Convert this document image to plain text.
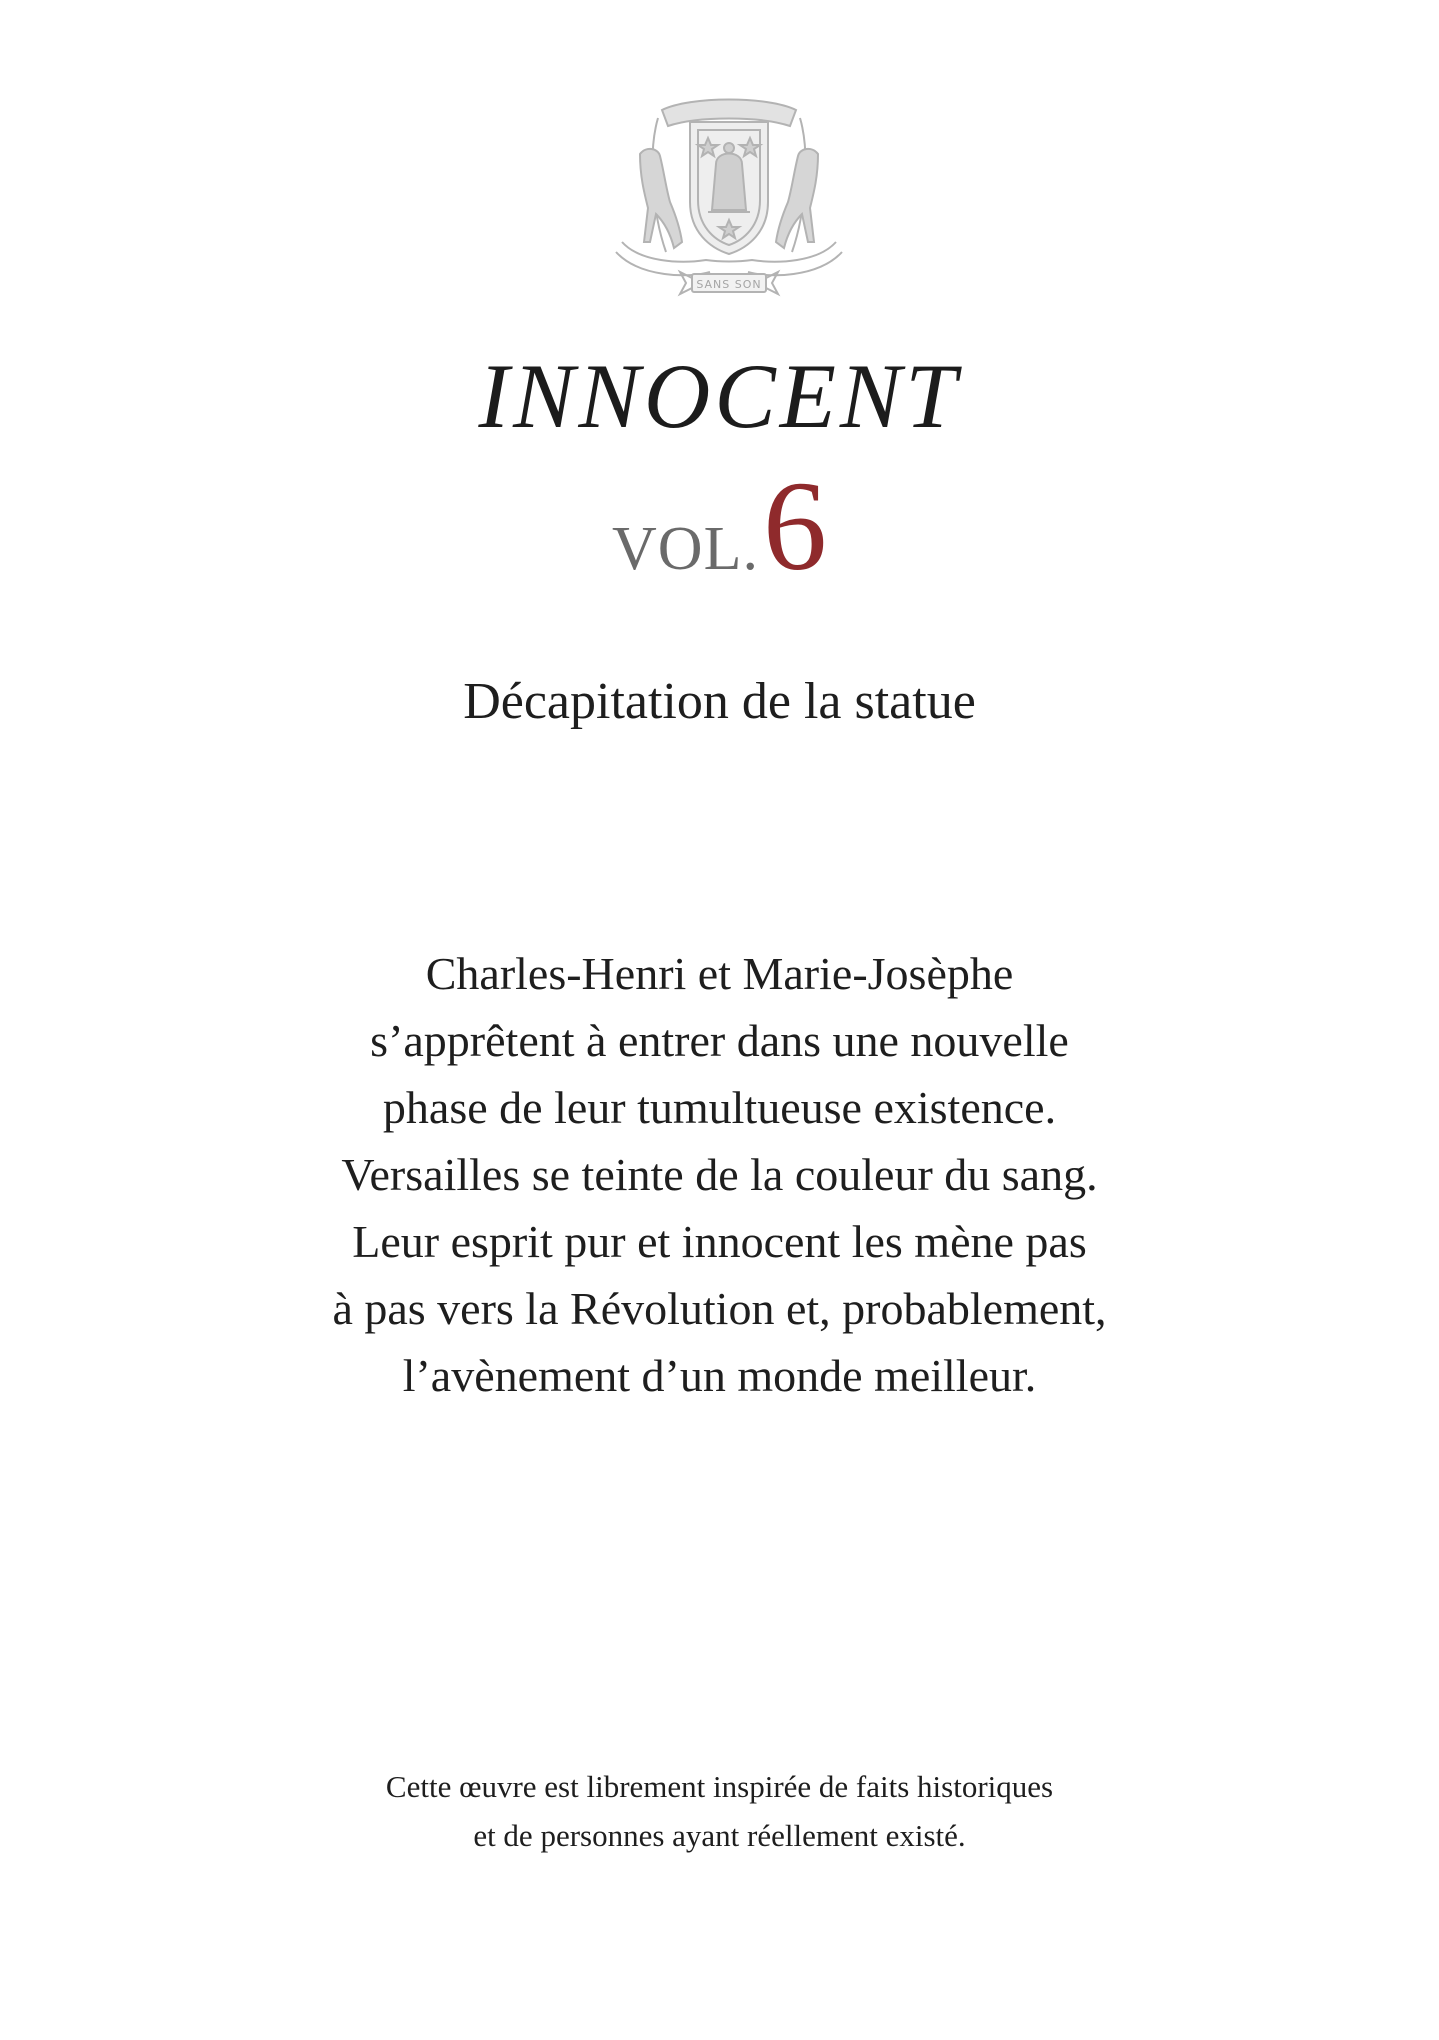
SANS SON
INNOCENT
VOL.6
Décapitation de la statue
Charles-Henri et Marie-Josèphe
s’apprêtent à entrer dans une nouvelle
phase de leur tumultueuse existence.
Versailles se teinte de la couleur du sang.
Leur esprit pur et innocent les mène pas
à pas vers la Révolution et, probablement,
l’avènement d’un monde meilleur.
Cette œuvre est librement inspirée de faits historiques
et de personnes ayant réellement existé.
